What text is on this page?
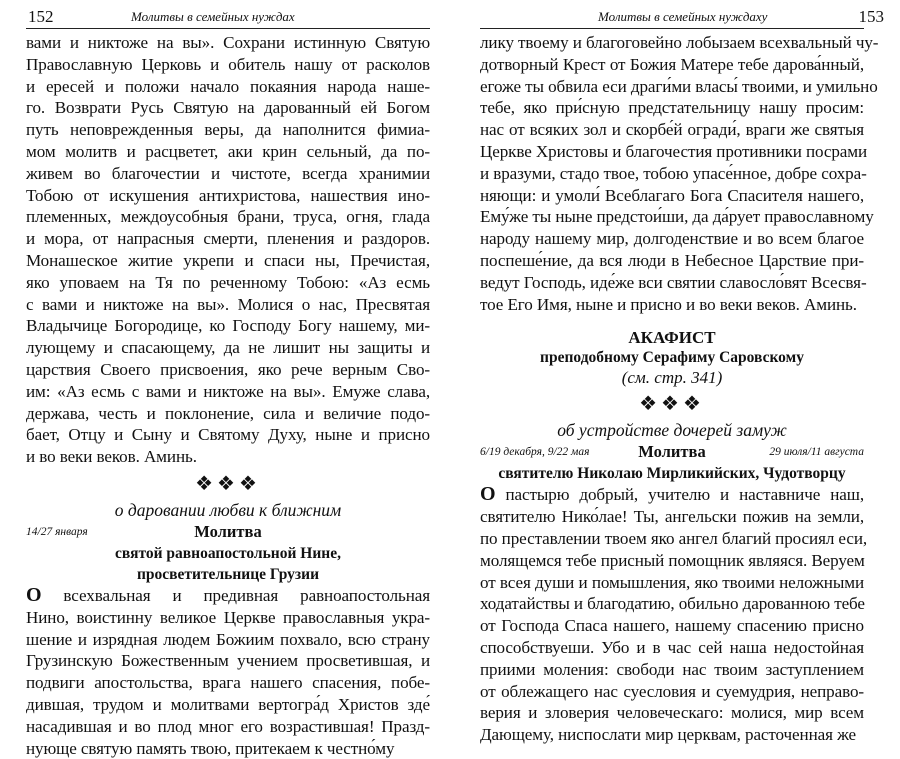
152	Молитвы в семейных нуждах
вами и никтоже на вы». Сохрани истинную Святую
Православную Церковь и обитель нашу от расколов
и ересей и положи начало покаяния народа наше-
го. Возврати Русь Святую на дарованный ей Богом
путь неповрежденныя веры, да наполнится фимиа-
мом молитв и расцветет, аки крин сельный, да по-
живем во благочестии и чистоте, всегда хранимии
Тобою от искушения антихристова, нашествия ино-
племенных, междоусобныя брани, труса, огня, глада
и мора, от напрасныя смерти, пленения и раздоров.
Монашеское житие укрепи и спаси ны, Пречистая,
яко уповаем на Тя по реченному Тобою: «Аз есмь
с вами и никтоже на вы». Молися о нас, Пресвятая
Владычице Богородице, ко Господу Богу нашему, ми-
лующему и спасающему, да не лишит ны защиты и
царствия Своего присвоения, яко рече верным Сво-
им: «Аз есмь с вами и никтоже на вы». Емуже слава,
держава, честь и поклонение, сила и величие подо-
бает, Отцу и Сыну и Святому Духу, ныне и присно
и во веки веков. Аминь.
❖❖❖
о даровании любви к ближним
14/27 января	Молитва
святой равноапостольной Нине,
просветительнице Грузии
О всехвальная и предивная равноапостольная
Нино, воистинну великое Церкве православныя укра-
шение и изрядная людем Божиим похвало, всю страну
Грузинскую Божественным учением просветившая, и
подвиги апостольства, врага нашего спасения, побе-
дившая, трудом и молитвами вертогра́д Христов зде́
насадившая и во плод мног его возрастившая! Празд-
нующе святую память твою, притекаем к честно́му
Молитвы в семейных нуждаху	153
лику твоему и благоговейно лобызаем всехвальный чу-
дотворный Крест от Божия Матере тебе дарова́нный,
егоже ты обвила еси драги́ми власы́ твоими, и умильно
тебе, яко при́сную предстательницу нашу просим:
нас от всяких зол и скорбе́й огради́, враги же святыя
Церкве Христовы и благочестия противники посрами
и вразуми, стадо твое, тобою упасе́нное, добре сохра-
няющи: и умоли́ Всеблагаго Бога Спасителя нашего,
Ему́же ты ныне предстои́ши, да да́рует православному
народу нашему мир, долгоденствие и во всем благое
поспеше́ние, да вся люди в Небесное Царствие при-
ведут Господь, иде́же вси святии славосло́вят Всесвя-
тое Его Имя, ныне и присно и во веки веков. Аминь.
АКАФИСТ
преподобному Серафиму Саровскому
(см. стр. 341)
❖❖❖
об устройстве дочерей замуж
6/19 декабря, 9/22 мая	Молитва	29 июля/11 августа
святителю Николаю Мирликийских, Чудотворцу
О пастырю добрый, учителю и наставниче наш,
святителю Нико́лае! Ты, ангельски пожив на земли,
по преставлении твоем яко ангел благий просиял еси,
молящемся тебе присный помощник являяся. Веруем
от всея души и помышления, яко твоими неложными
ходатайствы и благодатию, обильно дарованною тебе
от Господа Спаса нашего, нашему спасению присно
способствуеши. Убо и в час сей наша недостойная
приими моления: свободи нас твоим заступлением
от облежащего нас суесловия и суемудрия, неправо-
верия и зловерия человеческаго: молися, мир всем
Дающему, ниспослати мир церквам, расточенная же
